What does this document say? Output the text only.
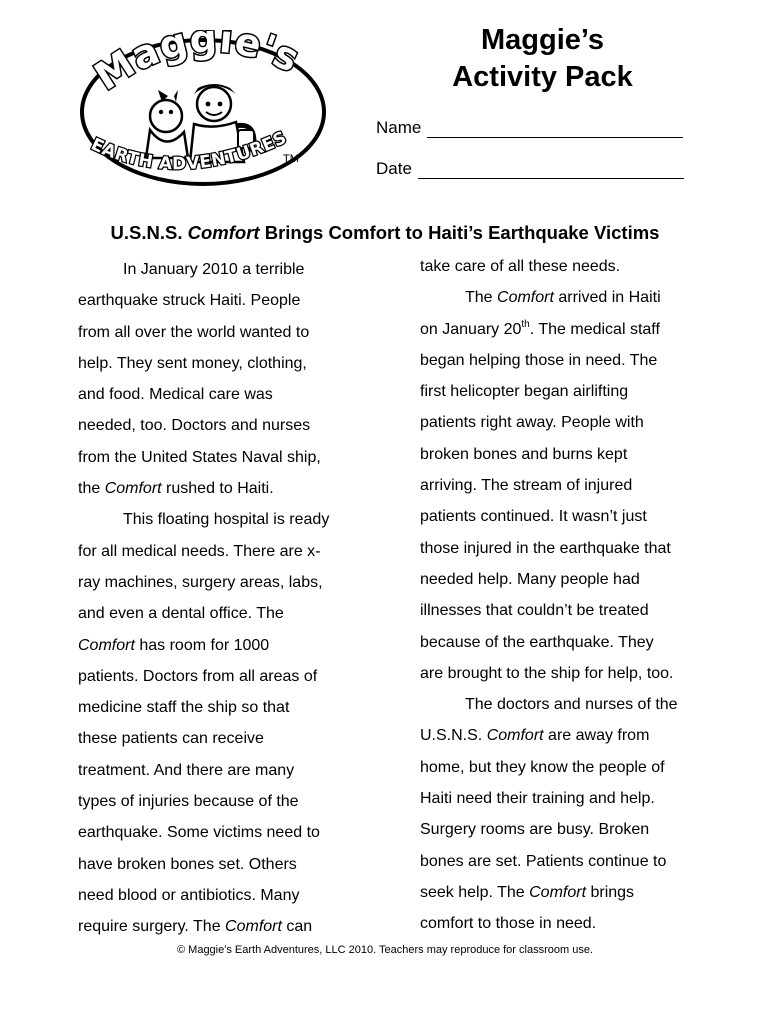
Maggie's
EARTH ADVENTURES
TM
Maggie’s
Activity Pack
Name
Date
U.S.N.S. Comfort Brings Comfort to Haiti’s Earthquake Victims
In January 2010 a terrible
earthquake struck Haiti. People
from all over the world wanted to
help. They sent money, clothing,
and food. Medical care was
needed, too. Doctors and nurses
from the United States Naval ship,
the Comfort rushed to Haiti.
This floating hospital is ready
for all medical needs. There are x-
ray machines, surgery areas, labs,
and even a dental office. The
Comfort has room for 1000
patients. Doctors from all areas of
medicine staff the ship so that
these patients can receive
treatment. And there are many
types of injuries because of the
earthquake. Some victims need to
have broken bones set. Others
need blood or antibiotics. Many
require surgery. The Comfort can
take care of all these needs.
The Comfort arrived in Haiti
on January 20th. The medical staff
began helping those in need. The
first helicopter began airlifting
patients right away. People with
broken bones and burns kept
arriving. The stream of injured
patients continued. It wasn’t just
those injured in the earthquake that
needed help. Many people had
illnesses that couldn’t be treated
because of the earthquake. They
are brought to the ship for help, too.
The doctors and nurses of the
U.S.N.S. Comfort are away from
home, but they know the people of
Haiti need their training and help.
Surgery rooms are busy. Broken
bones are set. Patients continue to
seek help. The Comfort brings
comfort to those in need.
© Maggie's Earth Adventures, LLC 2010. Teachers may reproduce for classroom use.
